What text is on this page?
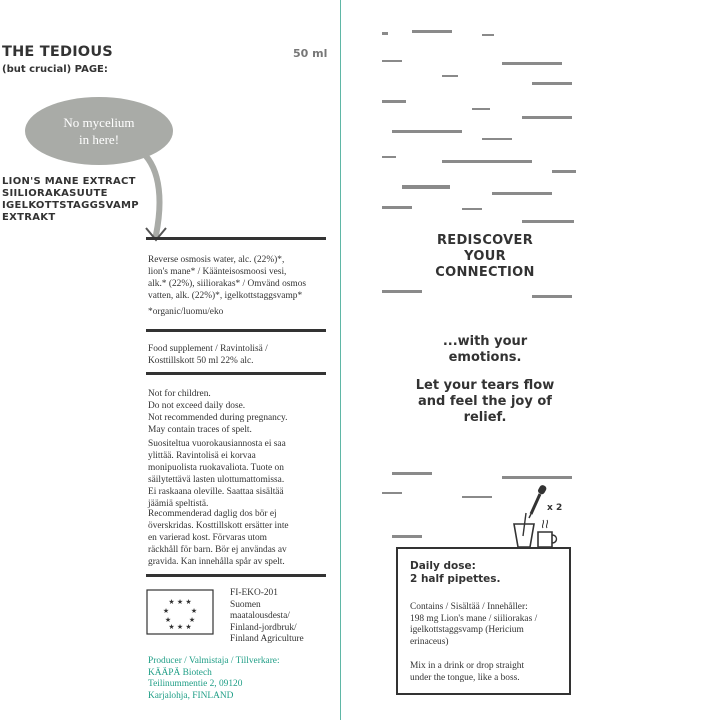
THE TEDIOUS	50 ml
(but crucial) PAGE:
No mycelium
in here!
LION'S MANE EXTRACT
SIILIORAKASUUTE
IGELKOTTSTAGGSVAMP
EXTRAKT
Reverse osmosis water, alc. (22%)*,
lion's mane* / Käänteisosmoosi vesi,
alk.* (22%), siiliorakas* / Omvänd osmos
vatten, alk. (22%)*, igelkottstaggsvamp*
*organic/luomu/eko
Food supplement / Ravintolisä /
Kosttillskott 50 ml 22% alc.
Not for children.
Do not exceed daily dose.
Not recommended during pregnancy.
May contain traces of spelt.
Suositeltua vuorokausiannosta ei saa
ylittää. Ravintolisä ei korvaa
monipuolista ruokavaliota. Tuote on
säilytettävä lasten ulottumattomissa.
Ei raskaana oleville. Saattaa sisältää
jäämiä speltistä.
Recommenderad daglig dos bör ej
överskridas. Kosttillskott ersätter inte
en varierad kost. Förvaras utom
räckhåll för barn. Bör ej användas av
gravida. Kan innehålla spår av spelt.
★ ★ ★
★	★
★	★
★ ★ ★
FI-EKO-201
Suomen
maatalousdesta/
Finland-jordbruk/
Finland Agriculture
Producer / Valmistaja / Tillverkare:
KÄÄPÄ Biotech
Teilinummentie 2, 09120
Karjalohja, FINLAND
REDISCOVER
YOUR
CONNECTION
...with your
emotions.
Let your tears flow
and feel the joy of
relief.
x 2
Daily dose:
2 half pipettes.
Contains / Sisältää / Innehåller:
198 mg Lion's mane / siiliorakas /
igelkottstaggsvamp (Hericium
erinaceus)
Mix in a drink or drop straight
under the tongue, like a boss.
